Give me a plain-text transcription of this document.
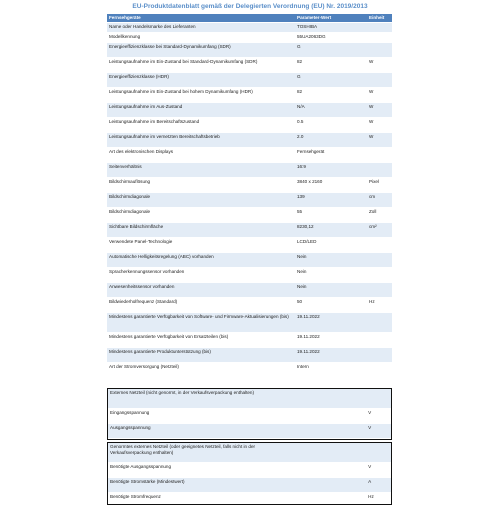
EU-Produktdatenblatt gemäß der Delegierten Verordnung (EU) Nr. 2019/2013
Fernsehgeräte	Parameter-Wert	Einheit
Name oder Handelsmarke des Lieferanten	TOSHIBA
Modellkennung	55UA2063DG
Energieeffizienzklasse bei Standard-Dynamikumfang (SDR)	G
Leistungsaufnahme im Ein-Zustand bei Standard-Dynamikumfang (SDR)	82	W
Energieeffizienzklasse (HDR)	G
Leistungsaufnahme im Ein-Zustand bei hohem Dynamikumfang (HDR)	82	W
Leistungsaufnahme im Aus-Zustand	N/A	W
Leistungsaufnahme im Bereitschaftszustand	0.5	W
Leistungsaufnahme im vernetzten Bereitschaftsbetrieb	2.0	W
Art des elektronischen Displays	Fernsehgerät
Seitenverhältnis	16:9
Bildschirmauflösung	3840 x 2160	Pixel
Bildschirmdiagonale	139	cm
Bildschirmdiagonale	55	Zoll
Sichtbare Bildschirmfläche	8230,12	cm²
Verwendete Panel-Technologie	LCD/LED
Automatische Helligkeitsregelung (ABC) vorhanden	Nein
Spracherkennungssensor vorhanden	Nein
Anwesenheitssensor vorhanden	Nein
Bildwiederholfrequenz (Standard)	50	Hz
Mindestens garantierte Verfügbarkeit von Software- und Firmware-Aktualisierungen (bis)	19.11.2022
Mindestens garantierte Verfügbarkeit von Ersatzteilen (bis)	19.11.2022
Mindestens garantierte Produktunterstützung (bis)	19.11.2022
Art der Stromversorgung (Netzteil)	Intern
Externes Netzteil (nicht genormt, in der Verkaufsverpackung enthalten)
Eingangsspannung	V
Ausgangsspannung	V
Genormtes externes Netzteil (oder geeignetes Netzteil, falls nicht in der Verkaufsverpackung enthalten)
Benötigte Ausgangsspannung	V
Benötigte Stromstärke (Mindestwert)	A
Benötigte Stromfrequenz	Hz
